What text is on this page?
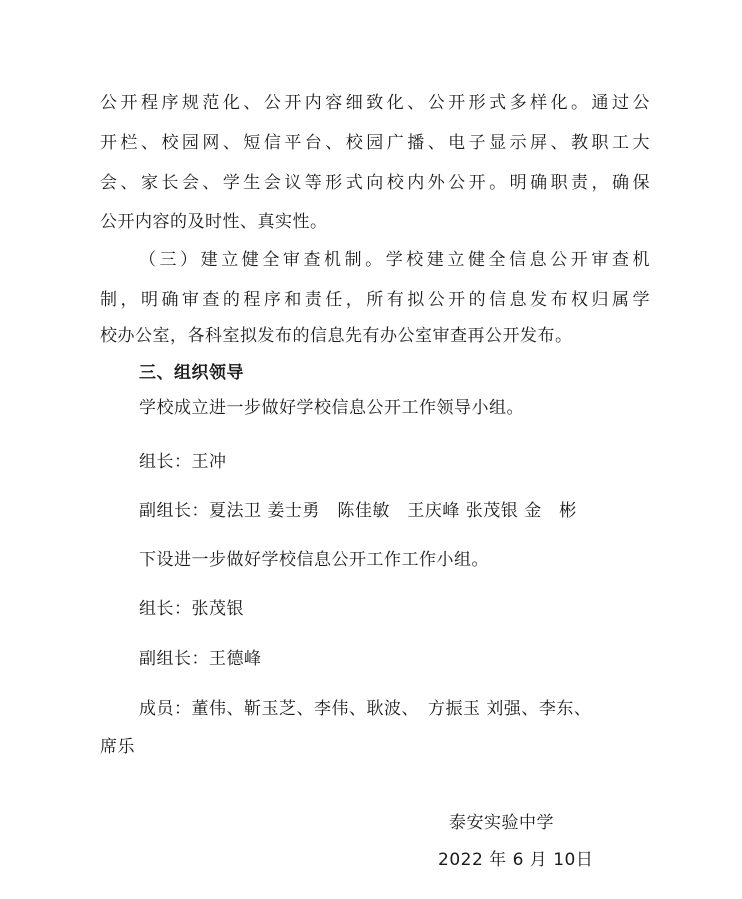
公开程序规范化、公开内容细致化、公开形式多样化。通过公
开栏、校园网、短信平台、校园广播、电子显示屏、教职工大
会、家长会、学生会议等形式向校内外公开。明确职责，确保
公开内容的及时性、真实性。
（三）建立健全审查机制。学校建立健全信息公开审查机
制，明确审查的程序和责任，所有拟公开的信息发布权归属学
校办公室，各科室拟发布的信息先有办公室审查再公开发布。
三、组织领导
学校成立进一步做好学校信息公开工作领导小组。
组长：王冲
副组长：夏法卫 姜士勇　陈佳敏　王庆峰 张茂银 金　彬
下设进一步做好学校信息公开工作工作小组。
组长：张茂银
副组长：王德峰
成员：董伟、靳玉芝、李伟、耿波、　方振玉 刘强、李东、
席乐
泰安实验中学
2022 年 6 月 10日
